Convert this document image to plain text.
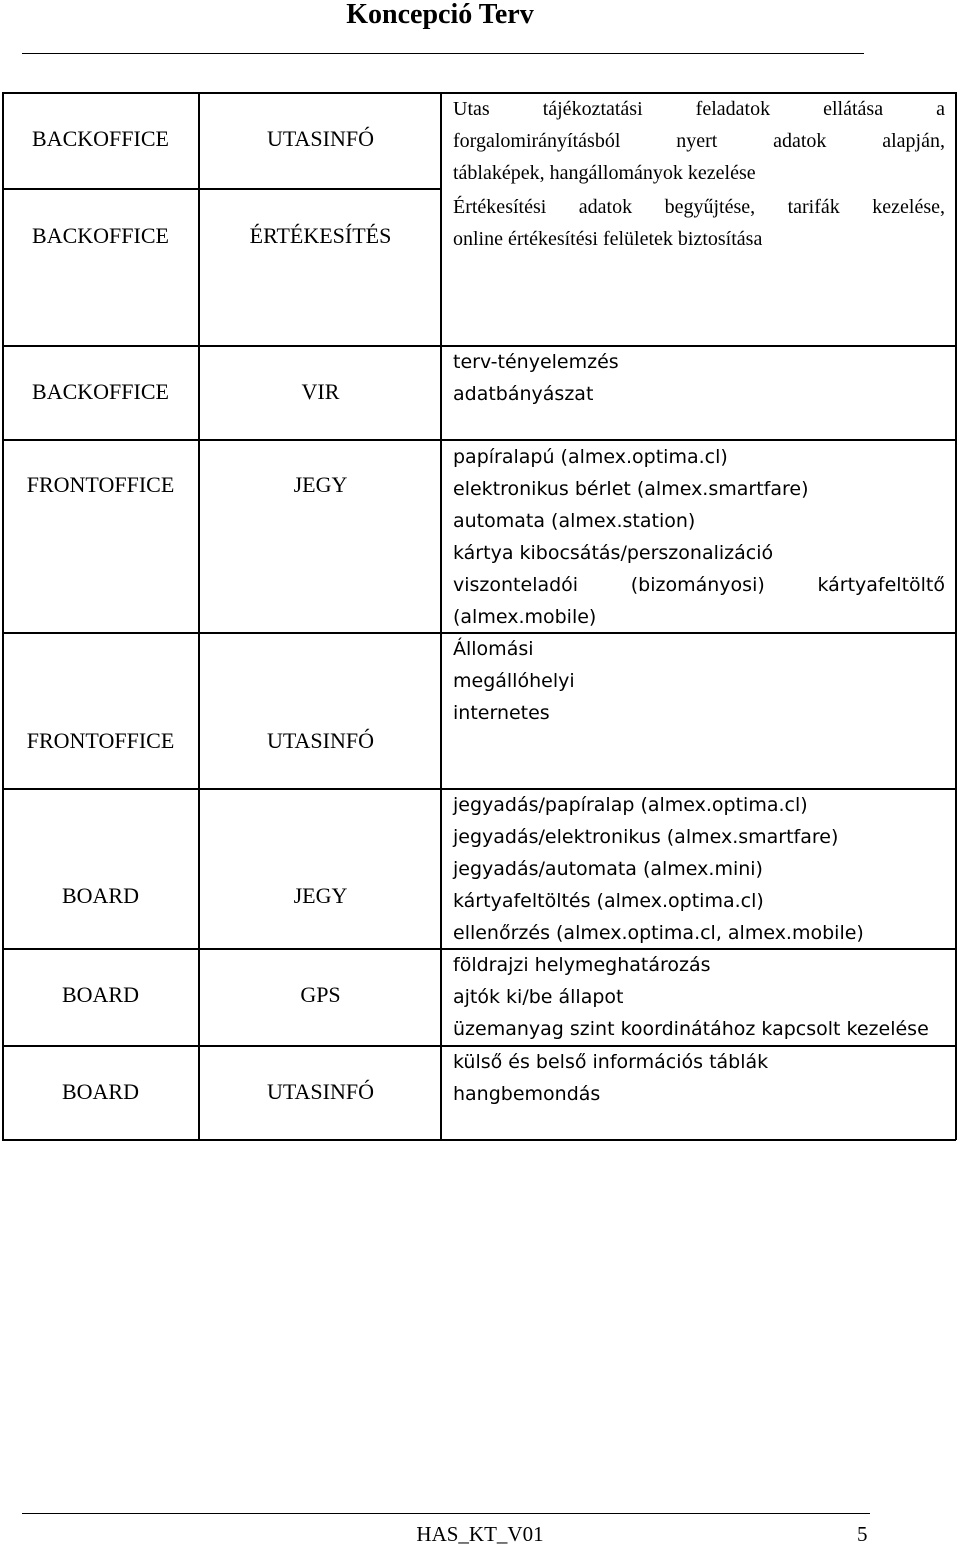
Koncepció Terv
BACKOFFICE	UTASINFÓ
Utas tájékoztatási feladatok ellátása a
forgalomirányításból nyert adatok alapján,
táblaképek, hangállományok kezelése
BACKOFFICE	ÉRTÉKESÍTÉS
Értékesítési adatok begyűjtése, tarifák kezelése,
online értékesítési felületek biztosítása
BACKOFFICE	VIR
terv-tényelemzés
adatbányászat
FRONTOFFICE	JEGY
papíralapú (almex.optima.cl)
elektronikus bérlet (almex.smartfare)
automata (almex.station)
kártya kibocsátás/perszonalizáció
viszonteladói (bizományosi) kártyafeltöltő
(almex.mobile)
FRONTOFFICE	UTASINFÓ
Állomási
megállóhelyi
internetes
BOARD	JEGY
jegyadás/papíralap (almex.optima.cl)
jegyadás/elektronikus (almex.smartfare)
jegyadás/automata (almex.mini)
kártyafeltöltés (almex.optima.cl)
ellenőrzés (almex.optima.cl, almex.mobile)
BOARD	GPS
földrajzi helymeghatározás
ajtók ki/be állapot
üzemanyag szint koordinátához kapcsolt kezelése
BOARD	UTASINFÓ
külső és belső információs táblák
hangbemondás
HAS_KT_V01	5
